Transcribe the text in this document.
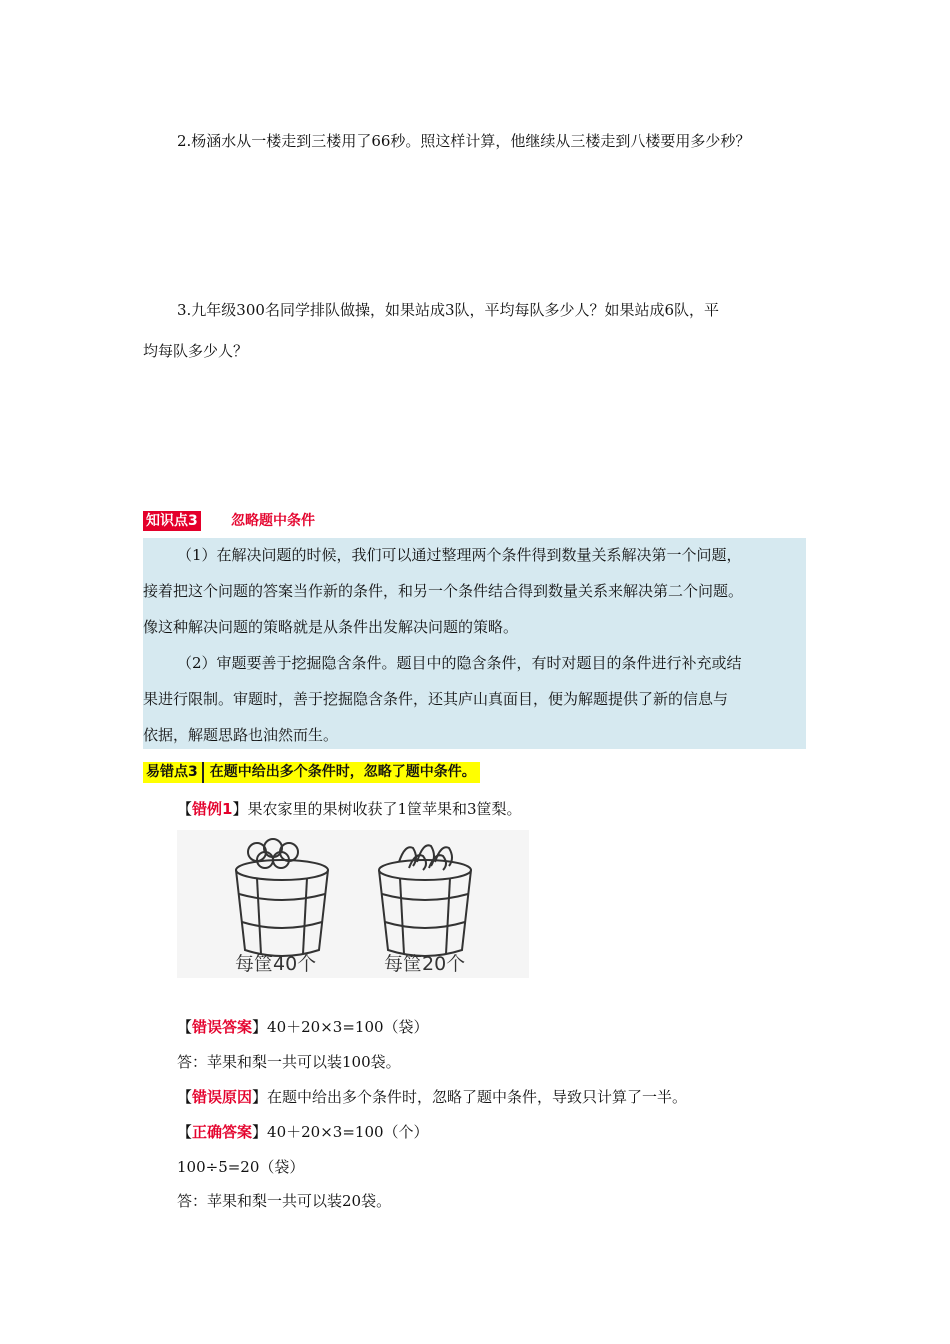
2.杨涵水从一楼走到三楼用了66秒。照这样计算，他继续从三楼走到八楼要用多少秒？
3.九年级300名同学排队做操，如果站成3队，平均每队多少人？如果站成6队，平
均每队多少人？
知识点3 忽略题中条件
（1）在解决问题的时候，我们可以通过整理两个条件得到数量关系解决第一个问题，
接着把这个问题的答案当作新的条件，和另一个条件结合得到数量关系来解决第二个问题。
像这种解决问题的策略就是从条件出发解决问题的策略。
（2）审题要善于挖掘隐含条件。题目中的隐含条件，有时对题目的条件进行补充或结
果进行限制。审题时，善于挖掘隐含条件，还其庐山真面目，便为解题提供了新的信息与
依据，解题思路也油然而生。
易错点3 在题中给出多个条件时，忽略了题中条件。
【错例1】果农家里的果树收获了1筐苹果和3筐梨。
每筐40个	每筐20个
【错误答案】40＋20×3=100（袋）
答：苹果和梨一共可以装100袋。
【错误原因】在题中给出多个条件时，忽略了题中条件，导致只计算了一半。
【正确答案】40＋20×3=100（个）
100÷5=20（袋）
答：苹果和梨一共可以装20袋。
